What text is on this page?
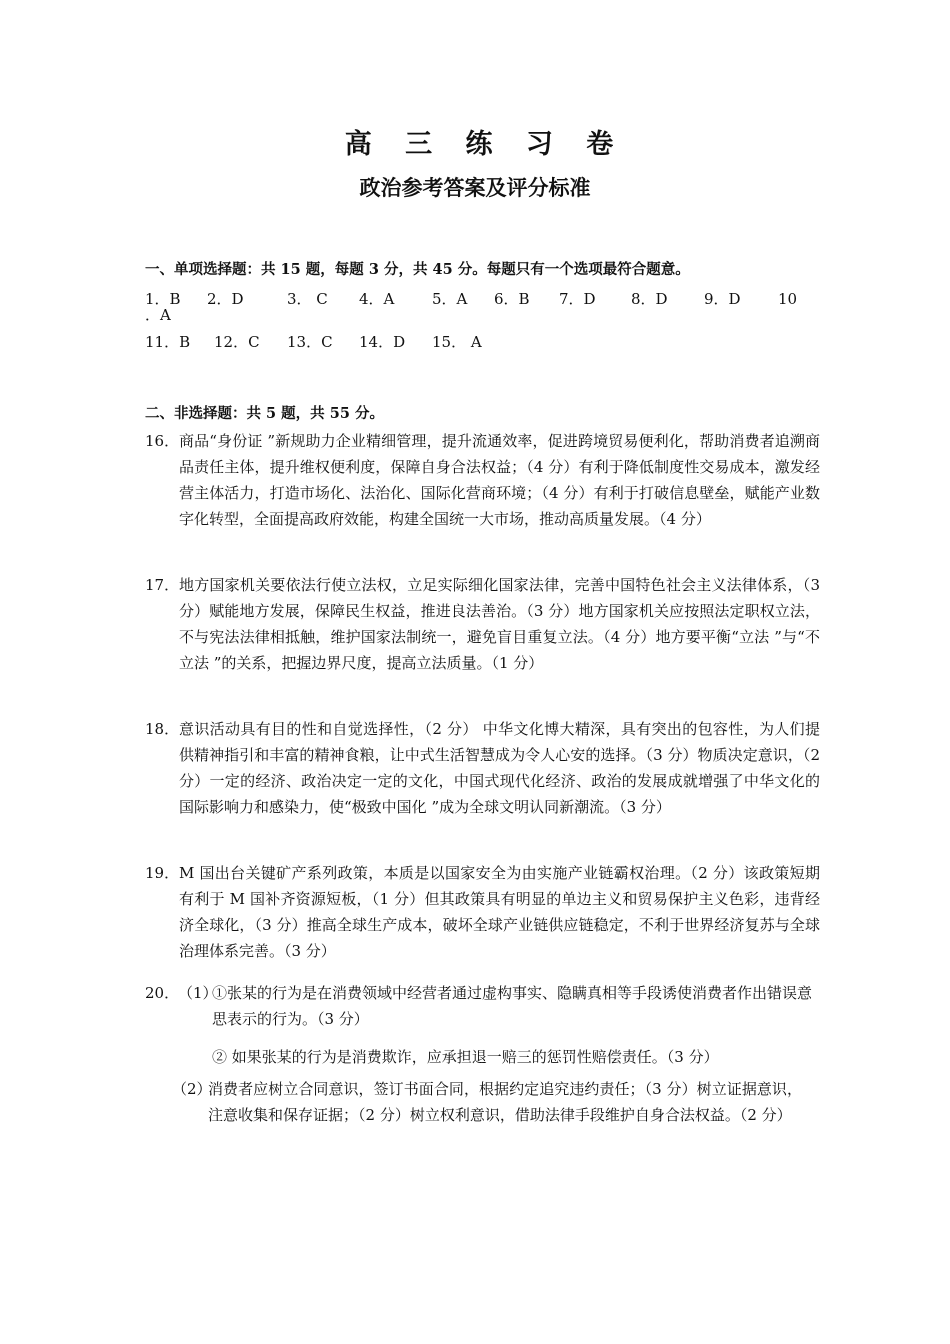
高 三 练 习 卷
政治参考答案及评分标准
一、单项选择题：共 15 题，每题 3 分，共 45 分。每题只有一个选项最符合题意。
1．B 2．D	3． C 4．A	5．A 6．B 7．D 8．D 9．D 10
．A
11．B 12．C 13．C 14．D 15． A
二、非选择题：共 5 题，共 55 分。
16． 商品“身份证 ”新规助力企业精细管理，提升流通效率，促进跨境贸易便利化，帮助消费者追溯商品责任主体，提升维权便利度，保障自身合法权益；（4 分）有利于降低制度性交易成本，激发经营主体活力，打造市场化、法治化、国际化营商环境；（4 分）有利于打破信息壁垒，赋能产业数字化转型，全面提高政府效能，构建全国统一大市场，推动高质量发展。（4 分）
17． 地方国家机关要依法行使立法权，立足实际细化国家法律，完善中国特色社会主义法律体系，（3 分）赋能地方发展，保障民生权益，推进良法善治。（3 分）地方国家机关应按照法定职权立法，不与宪法法律相抵触，维护国家法制统一，避免盲目重复立法。（4 分）地方要平衡“立法 ”与“不立法 ”的关系，把握边界尺度，提高立法质量。（1 分）
18． 意识活动具有目的性和自觉选择性，（2 分） 中华文化博大精深，具有突出的包容性，为人们提供精神指引和丰富的精神食粮，让中式生活智慧成为令人心安的选择。（3 分）物质决定意识，（2 分）一定的经济、政治决定一定的文化，中国式现代化经济、政治的发展成就增强了中华文化的国际影响力和感染力，使“极致中国化 ”成为全球文明认同新潮流。（3 分）
19． M 国出台关键矿产系列政策，本质是以国家安全为由实施产业链霸权治理。（2 分）该政策短期有利于 M 国补齐资源短板，（1 分）但其政策具有明显的单边主义和贸易保护主义色彩，违背经济全球化，（3 分）推高全球生产成本，破坏全球产业链供应链稳定，不利于世界经济复苏与全球治理体系完善。（3 分）
20．
（1）
①张某的行为是在消费领域中经营者通过虚构事实、隐瞒真相等手段诱使消费者作出错误意思表示的行为。（3 分）
② 如果张某的行为是消费欺诈，应承担退一赔三的惩罚性赔偿责任。（3 分）
（2）
消费者应树立合同意识，签订书面合同，根据约定追究违约责任；（3 分）树立证据意识，注意收集和保存证据；（2 分）树立权利意识，借助法律手段维护自身合法权益。（2 分）
